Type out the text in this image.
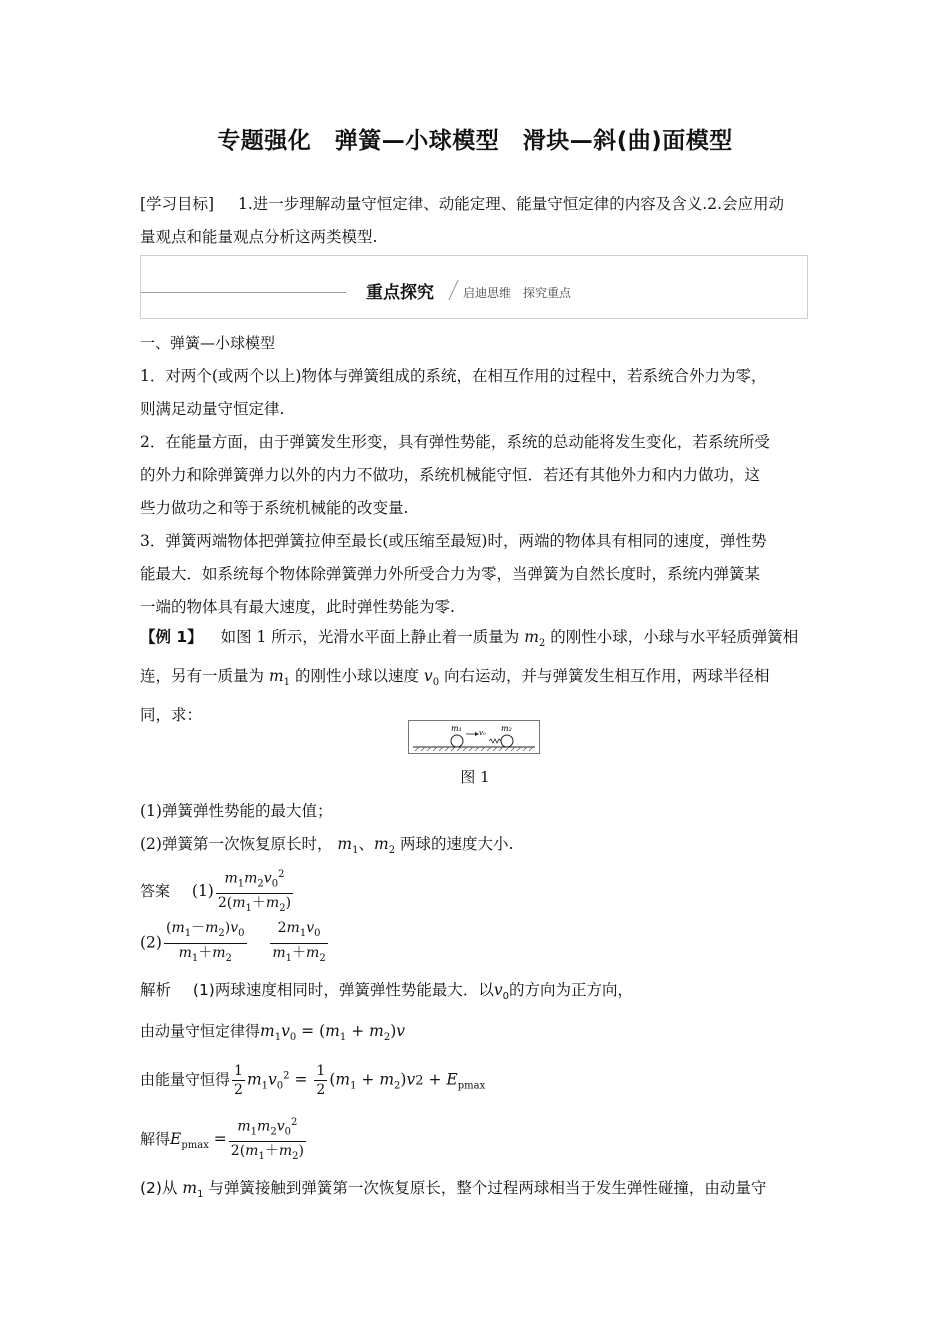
专题强化　弹簧—小球模型　滑块—斜(曲)面模型
[学习目标] 1.进一步理解动量守恒定律、动能定理、能量守恒定律的内容及含义.2.会应用动
量观点和能量观点分析这两类模型.
重点探究 启迪思维　探究重点
一、弹簧—小球模型
1．对两个(或两个以上)物体与弹簧组成的系统，在相互作用的过程中，若系统合外力为零，
则满足动量守恒定律.
2．在能量方面，由于弹簧发生形变，具有弹性势能，系统的总动能将发生变化，若系统所受
的外力和除弹簧弹力以外的内力不做功，系统机械能守恒．若还有其他外力和内力做功，这
些力做功之和等于系统机械能的改变量.
3．弹簧两端物体把弹簧拉伸至最长(或压缩至最短)时，两端的物体具有相同的速度，弹性势
能最大．如系统每个物体除弹簧弹力外所受合力为零，当弹簧为自然长度时，系统内弹簧某
一端的物体具有最大速度，此时弹性势能为零.
【例 1】 如图 1 所示，光滑水平面上静止着一质量为 $m_2$ 的刚性小球，小球与水平轻质弹簧相
连，另有一质量为 $m_1$ 的刚性小球以速度 $v_0$ 向右运动，并与弹簧发生相互作用，两球半径相
同，求：
m₁ v₀ m₂
图 1
(1)弹簧弹性势能的最大值；
(2)弹簧第一次恢复原长时， $m_1$、$m_2$ 两球的速度大小.
答案 $(1) \frac{m_1m_2v_0^2}{2(m_1+m_2)}$
$(2) \frac{(m_1-m_2)v_0}{m_1+m_2}$
$\frac{2m_1v_0}{m_1+m_2}$
解析 (1)两球速度相同时，弹簧弹性势能最大．以$v_0$的方向为正方向，
由动量守恒定律得$m_1v_0 = (m_1 + m_2)v$
由能量守恒得 $\frac{1}{2} m_1v_0^2 = \frac{1}{2} (m_1 + m_2)v2 + E_{pmax}$
解得$E_{pmax} = \frac{m_1m_2v_0^2}{2(m_1+m_2)}$
(2)从 $m_1$ 与弹簧接触到弹簧第一次恢复原长，整个过程两球相当于发生弹性碰撞，由动量守
